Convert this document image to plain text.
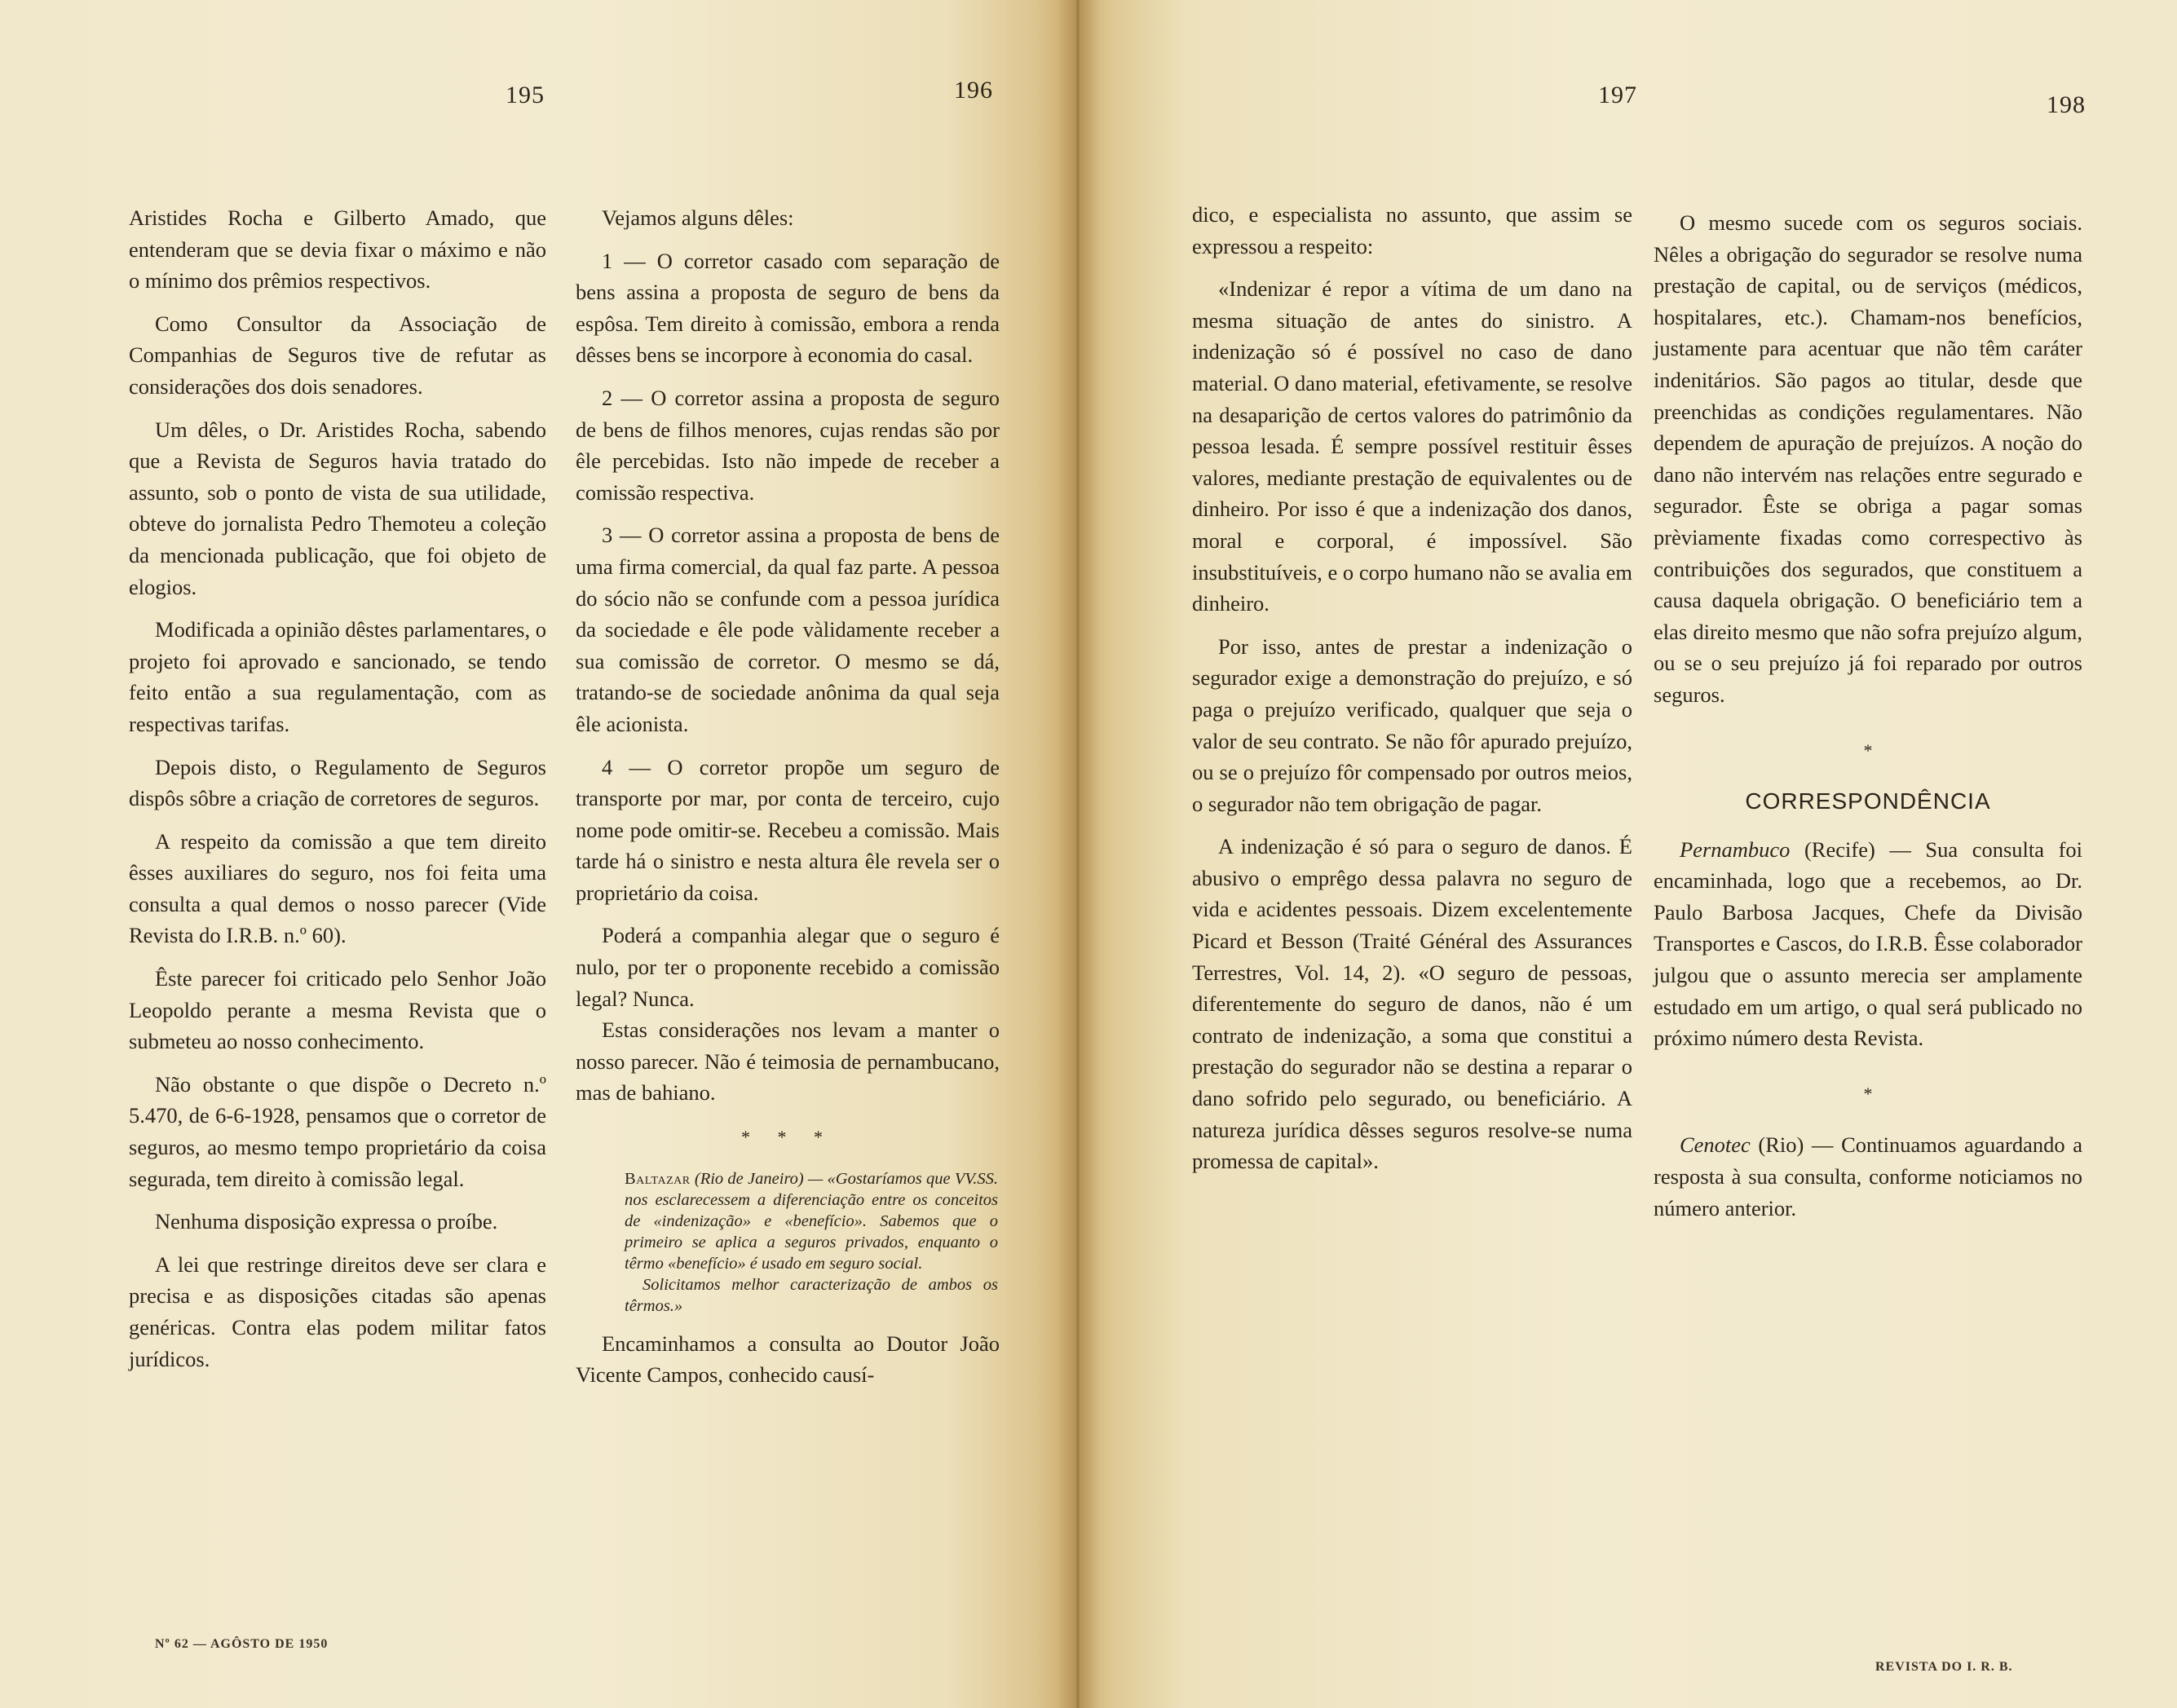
195	196	197	198

Aristides Rocha e Gilberto Amado, que entenderam que se devia fixar o máximo e não o mínimo dos prêmios respectivos.

Como Consultor da Associação de Companhias de Seguros tive de refutar as considerações dos dois senadores.

Um dêles, o Dr. Aristides Rocha, sabendo que a Revista de Seguros havia tratado do assunto, sob o ponto de vista de sua utilidade, obteve do jornalista Pedro Themoteu a coleção da mencionada publicação, que foi objeto de elogios.

Modificada a opinião dêstes parlamentares, o projeto foi aprovado e sancionado, se tendo feito então a sua regulamentação, com as respectivas tarifas.

Depois disto, o Regulamento de Seguros dispôs sôbre a criação de corretores de seguros.

A respeito da comissão a que tem direito êsses auxiliares do seguro, nos foi feita uma consulta a qual demos o nosso parecer (Vide Revista do I.R.B. n.º 60).

Êste parecer foi criticado pelo Senhor João Leopoldo perante a mesma Revista que o submeteu ao nosso conhecimento.

Não obstante o que dispõe o Decreto n.º 5.470, de 6-6-1928, pensamos que o corretor de seguros, ao mesmo tempo proprietário da coisa segurada, tem direito à comissão legal.

Nenhuma disposição expressa o proíbe.

A lei que restringe direitos deve ser clara e precisa e as disposições citadas são apenas genéricas. Contra elas podem militar fatos jurídicos.

Vejamos alguns dêles:

1 — O corretor casado com separação de bens assina a proposta de seguro de bens da espôsa. Tem direito à comissão, embora a renda dêsses bens se incorpore à economia do casal.

2 — O corretor assina a proposta de seguro de bens de filhos menores, cujas rendas são por êle percebidas. Isto não impede de receber a comissão respectiva.

3 — O corretor assina a proposta de bens de uma firma comercial, da qual faz parte. A pessoa do sócio não se confunde com a pessoa jurídica da sociedade e êle pode vàlidamente receber a sua comissão de corretor. O mesmo se dá, tratando-se de sociedade anônima da qual seja êle acionista.

4 — O corretor propõe um seguro de transporte por mar, por conta de terceiro, cujo nome pode omitir-se. Recebeu a comissão. Mais tarde há o sinistro e nesta altura êle revela ser o proprietário da coisa.

Poderá a companhia alegar que o seguro é nulo, por ter o proponente recebido a comissão legal? Nunca.

Estas considerações nos levam a manter o nosso parecer. Não é teimosia de pernambucano, mas de bahiano.

* * *

Baltazar (Rio de Janeiro) — «Gostaríamos que VV.SS. nos esclarecessem a diferenciação entre os conceitos de «indenização» e «benefício». Sabemos que o primeiro se aplica a seguros privados, enquanto o têrmo «benefício» é usado em seguro social.

Solicitamos melhor caracterização de ambos os têrmos.»

Encaminhamos a consulta ao Doutor João Vicente Campos, conhecido causí-

dico, e especialista no assunto, que assim se expressou a respeito:

«Indenizar é repor a vítima de um dano na mesma situação de antes do sinistro. A indenização só é possível no caso de dano material. O dano material, efetivamente, se resolve na desaparição de certos valores do patrimônio da pessoa lesada. É sempre possível restituir êsses valores, mediante prestação de equivalentes ou de dinheiro. Por isso é que a indenização dos danos, moral e corporal, é impossível. São insubstituíveis, e o corpo humano não se avalia em dinheiro.

Por isso, antes de prestar a indenização o segurador exige a demonstração do prejuízo, e só paga o prejuízo verificado, qualquer que seja o valor de seu contrato. Se não fôr apurado prejuízo, ou se o prejuízo fôr compensado por outros meios, o segurador não tem obrigação de pagar.

A indenização é só para o seguro de danos. É abusivo o emprêgo dessa palavra no seguro de vida e acidentes pessoais. Dizem excelentemente Picard et Besson (Traité Général des Assurances Terrestres, Vol. 14, 2). «O seguro de pessoas, diferentemente do seguro de danos, não é um contrato de indenização, a soma que constitui a prestação do segurador não se destina a reparar o dano sofrido pelo segurado, ou beneficiário. A natureza jurídica dêsses seguros resolve-se numa promessa de capital».

O mesmo sucede com os seguros sociais. Nêles a obrigação do segurador se resolve numa prestação de capital, ou de serviços (médicos, hospitalares, etc.). Chamam-nos benefícios, justamente para acentuar que não têm caráter indenitários. São pagos ao titular, desde que preenchidas as condições regulamentares. Não dependem de apuração de prejuízos. A noção do dano não intervém nas relações entre segurado e segurador. Êste se obriga a pagar somas prèviamente fixadas como correspectivo às contribuições dos segurados, que constituem a causa daquela obrigação. O beneficiário tem a elas direito mesmo que não sofra prejuízo algum, ou se o seu prejuízo já foi reparado por outros seguros.

*
CORRESPONDÊNCIA

Pernambuco (Recife) — Sua consulta foi encaminhada, logo que a recebemos, ao Dr. Paulo Barbosa Jacques, Chefe da Divisão Transportes e Cascos, do I.R.B. Êsse colaborador julgou que o assunto merecia ser amplamente estudado em um artigo, o qual será publicado no próximo número desta Revista.

*

Cenotec (Rio) — Continuamos aguardando a resposta à sua consulta, conforme noticiamos no número anterior.

Nº 62 — AGÔSTO DE 1950
REVISTA DO I. R. B.
